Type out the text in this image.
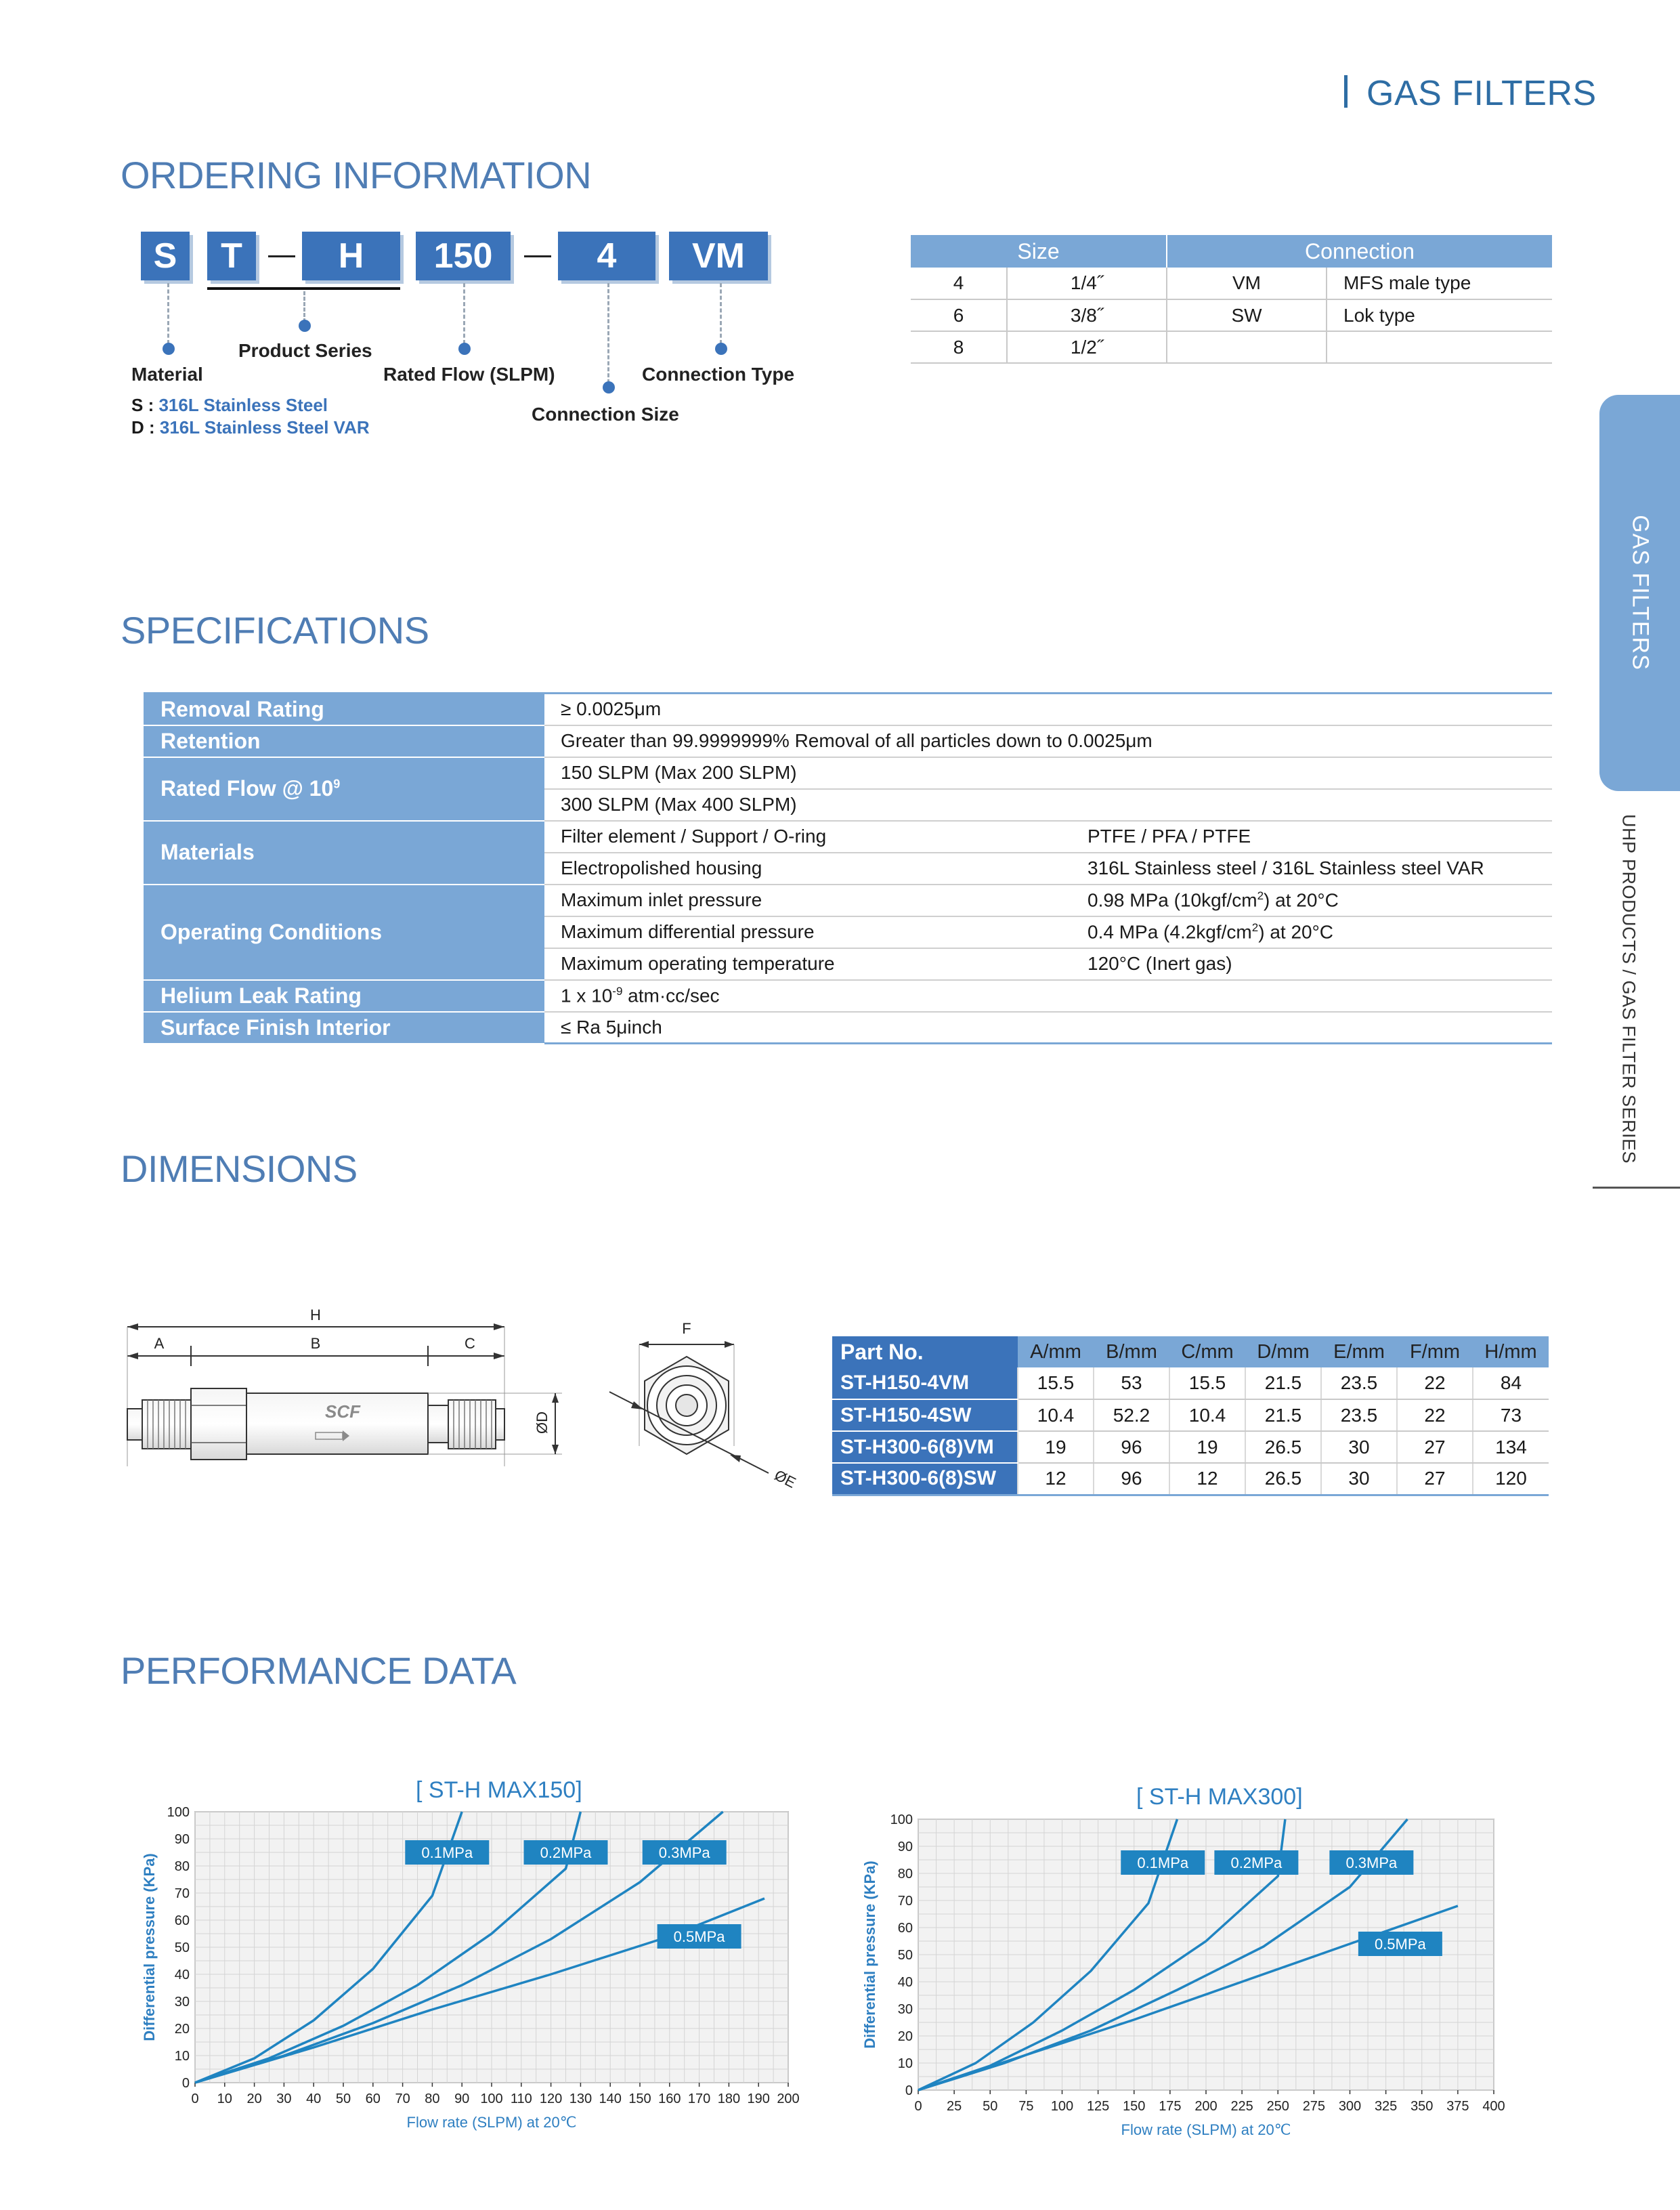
GAS FILTERS
GAS FILTERS
UHP PRODUCTS / GAS FILTER SERIES
ORDERING INFORMATION
S	T	H	150	4	VM
Product Series
Material	Rated Flow (SLPM)	Connection Type
Connection Size
S : 316L Stainless Steel
D : 316L Stainless Steel VAR
Size		Connection	
4	1/4˝	VM	MFS male type
6	3/8˝	SW	Lok type
8	1/2˝		
SPECIFICATIONS
Removal Rating	≥ 0.0025μm	
Retention	Greater than 99.9999999% Removal of all particles down to 0.0025μm	
Rated Flow @ $10^9$	150 SLPM (Max 200 SLPM)	
	300 SLPM (Max 400 SLPM)	
Materials	Filter element / Support / O-ring	PTFE / PFA / PTFE
	Electropolished housing	316L Stainless steel / 316L Stainless steel VAR
Operating Conditions	Maximum inlet pressure	0.98 MPa $(10kgf/cm^2)$ at 20°C
	Maximum differential pressure	0.4 MPa $(4.2kgf/cm^2)$ at 20°C
	Maximum operating temperature	120°C (Inert gas)
Helium Leak Rating	1 x $10^{-9}$ atm·cc/sec	
Surface Finish Interior	≤ Ra 5μinch	
DIMENSIONS
H
A	B	C
SCF	ØD
F
ØE
Part No.	A/mm	B/mm	C/mm	D/mm	E/mm	F/mm	H/mm
ST-H150-4VM	15.5	53	15.5	21.5	23.5	22	84
ST-H150-4SW	10.4	52.2	10.4	21.5	23.5	22	73
ST-H300-6(8)VM	19	96	19	26.5	30	27	134
ST-H300-6(8)SW	12	96	12	26.5	30	27	120
PERFORMANCE DATA
[ ST-H MAX150]	[ ST-H MAX300]
0 10 20 30 40 50 60 70 80 90 100 110 120 130 140 150 160 170 180 190 200
0
10
20
30
40
50
60
70
80
90
100
Flow rate (SLPM) at 20℃
Differential pressure (KPa)
0.1MPa	0.2MPa	0.3MPa
0.5MPa
0 25 50 75 100 125 150 175 200 225 250 275 300 325 350 375 400
0
10
20
30
40
50
60
70
80
90
100
Flow rate (SLPM) at 20℃
Differential pressure (KPa)	0.1MPa	0.2MPa	0.3MPa
0.5MPa
